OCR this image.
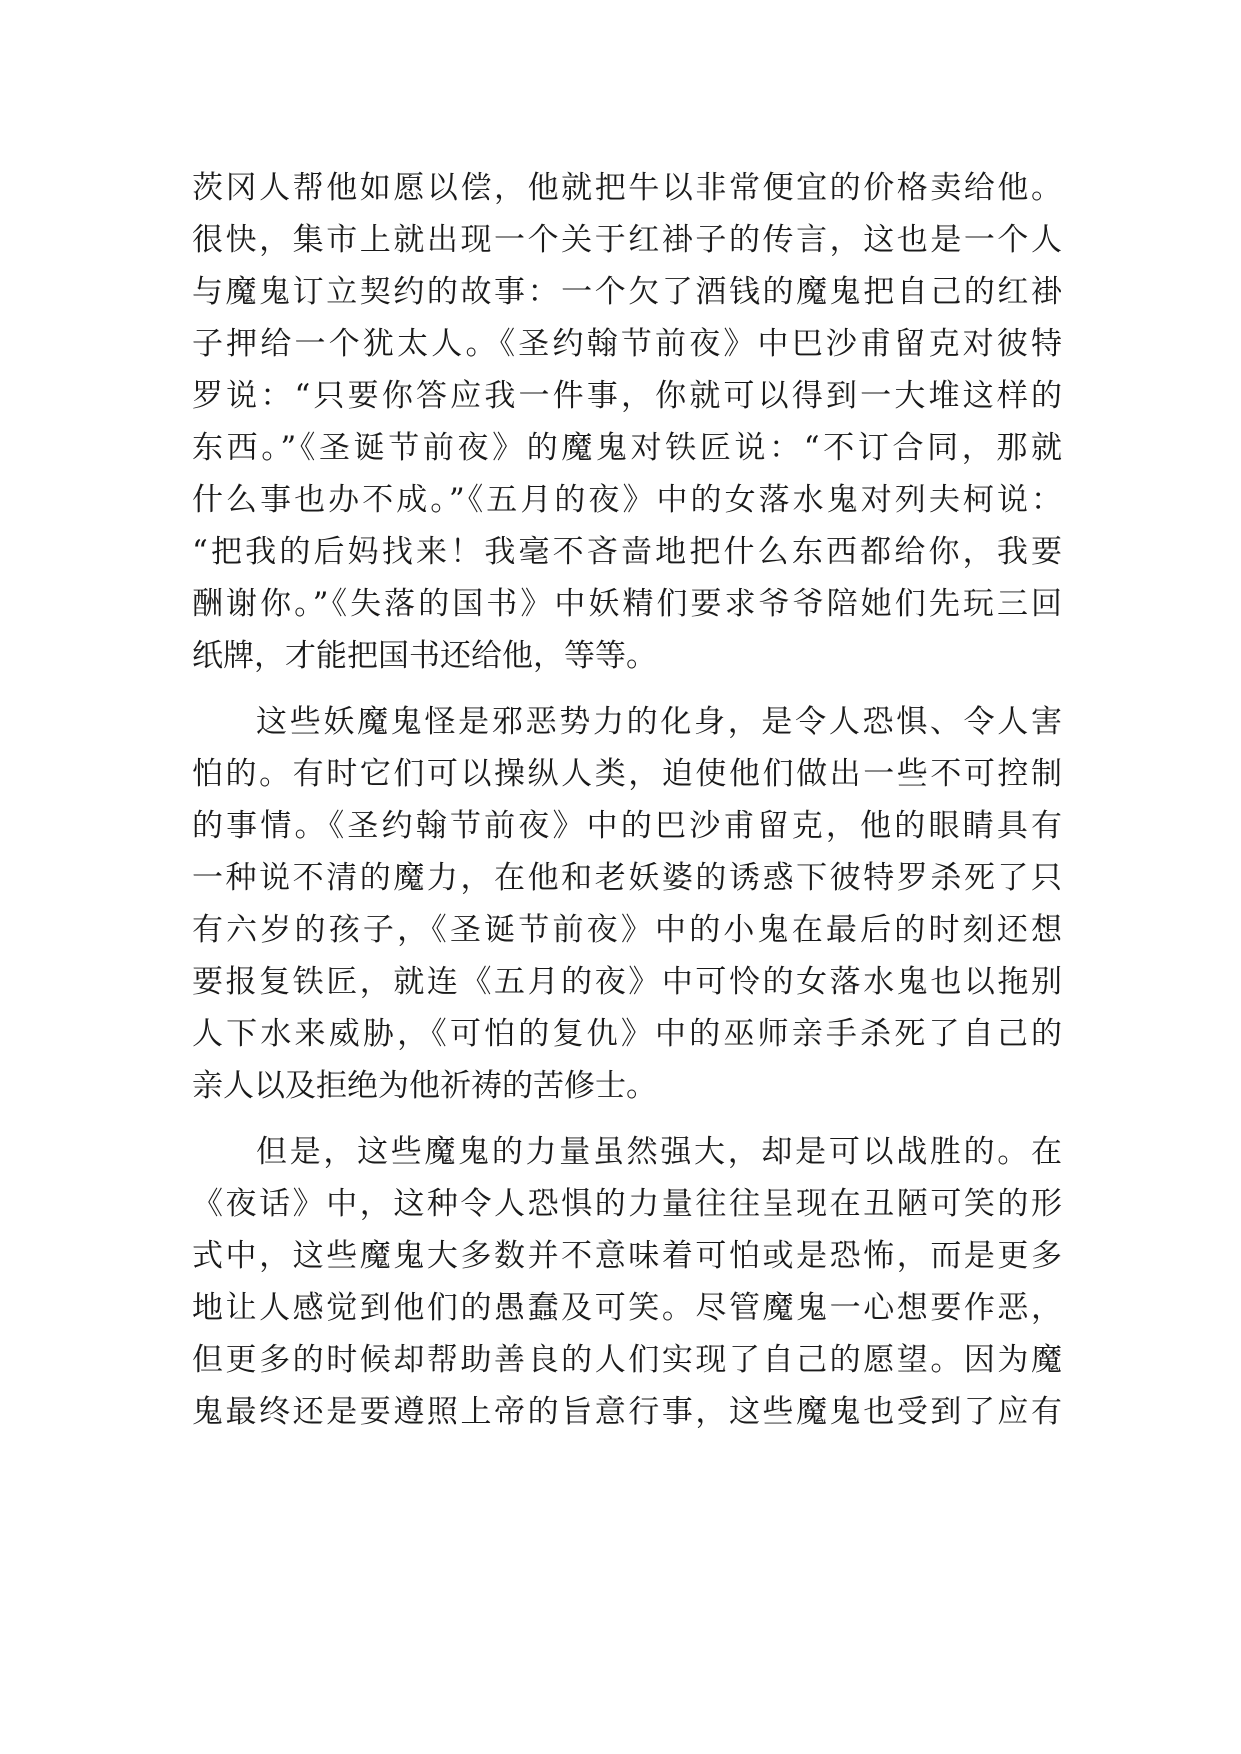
茨冈人帮他如愿以偿，他就把牛以非常便宜的价格卖给他。
很快，集市上就出现一个关于红褂子的传言，这也是一个人
与魔鬼订立契约的故事：一个欠了酒钱的魔鬼把自己的红褂
子押给一个犹太人。《圣约翰节前夜》中巴沙甫留克对彼特
罗说：“只要你答应我一件事，你就可以得到一大堆这样的
东西。”《圣诞节前夜》的魔鬼对铁匠说：“不订合同，那就
什么事也办不成。”《五月的夜》中的女落水鬼对列夫柯说：
“把我的后妈找来！我毫不吝啬地把什么东西都给你，我要
酬谢你。”《失落的国书》中妖精们要求爷爷陪她们先玩三回
纸牌，才能把国书还给他，等等。
这些妖魔鬼怪是邪恶势力的化身，是令人恐惧、令人害
怕的。有时它们可以操纵人类，迫使他们做出一些不可控制
的事情。《圣约翰节前夜》中的巴沙甫留克，他的眼睛具有
一种说不清的魔力，在他和老妖婆的诱惑下彼特罗杀死了只
有六岁的孩子，《圣诞节前夜》中的小鬼在最后的时刻还想
要报复铁匠，就连《五月的夜》中可怜的女落水鬼也以拖别
人下水来威胁，《可怕的复仇》中的巫师亲手杀死了自己的
亲人以及拒绝为他祈祷的苦修士。
但是，这些魔鬼的力量虽然强大，却是可以战胜的。在
《夜话》中，这种令人恐惧的力量往往呈现在丑陋可笑的形
式中，这些魔鬼大多数并不意味着可怕或是恐怖，而是更多
地让人感觉到他们的愚蠢及可笑。尽管魔鬼一心想要作恶，
但更多的时候却帮助善良的人们实现了自己的愿望。因为魔
鬼最终还是要遵照上帝的旨意行事，这些魔鬼也受到了应有
